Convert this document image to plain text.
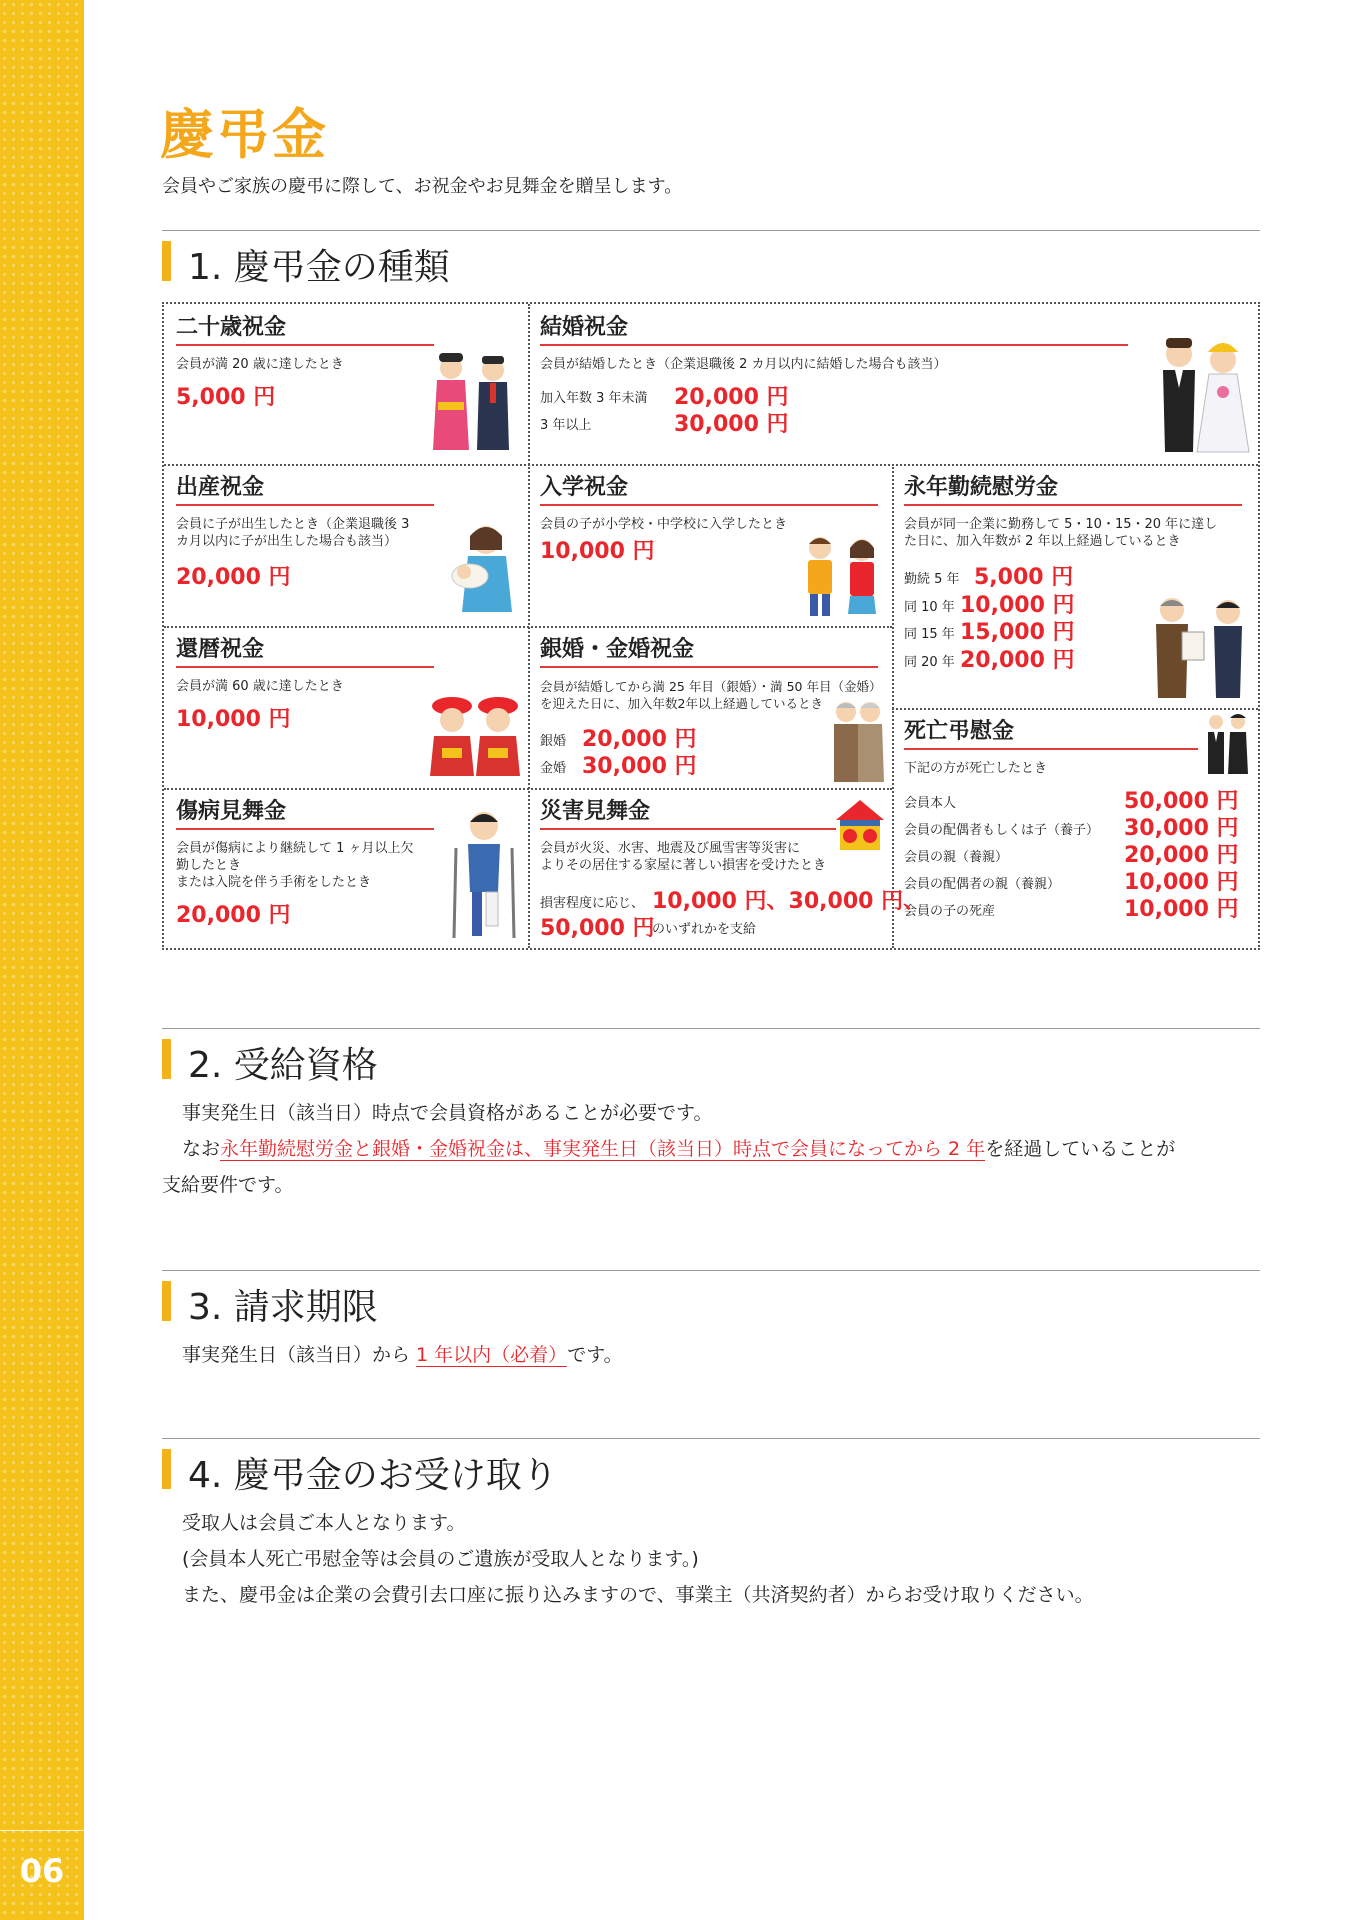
慶弔金
06
慶弔金
会員やご家族の慶弔に際して、お祝金やお見舞金を贈呈します。
1. 慶弔金の種類
二十歳祝金
会員が満 20 歳に達したとき
5,000 円
結婚祝金
会員が結婚したとき（企業退職後 2 カ月以内に結婚した場合も該当）
加入年数 3 年未満 20,000 円
3 年以上	30,000 円
出産祝金
会員に子が出生したとき（企業退職後 3
カ月以内に子が出生した場合も該当）
20,000 円
入学祝金
会員の子が小学校・中学校に入学したとき
10,000 円
永年勤続慰労金
会員が同一企業に勤務して 5・10・15・20 年に達し
た日に、加入年数が 2 年以上経過しているとき
勤続 5 年 5,000 円
同 10 年 10,000 円
同 15 年 15,000 円
同 20 年 20,000 円
還暦祝金
会員が満 60 歳に達したとき
10,000 円
銀婚・金婚祝金
会員が結婚してから満 25 年目（銀婚）・満 50 年目（金婚）
を迎えた日に、加入年数2年以上経過しているとき
銀婚 20,000 円
金婚 30,000 円
死亡弔慰金
下記の方が死亡したとき
会員本人	50,000 円
会員の配偶者もしくは子（養子） 30,000 円
会員の親（養親）	20,000 円
会員の配偶者の親（養親）	10,000 円
会員の子の死産	10,000 円
傷病見舞金
会員が傷病により継続して 1 ヶ月以上欠
勤したとき
または入院を伴う手術をしたとき
20,000 円
災害見舞金
会員が火災、水害、地震及び風雪害等災害に
よりその居住する家屋に著しい損害を受けたとき
損害程度に応じ、 10,000 円、30,000 円、
50,000 円
のいずれかを支給
2. 受給資格
事実発生日（該当日）時点で会員資格があることが必要です。
なお永年勤続慰労金と銀婚・金婚祝金は、事実発生日（該当日）時点で会員になってから 2 年を経過していることが
支給要件です。
3. 請求期限
事実発生日（該当日）から 1 年以内（必着）です。
4. 慶弔金のお受け取り
受取人は会員ご本人となります。
(会員本人死亡弔慰金等は会員のご遺族が受取人となります。)
また、慶弔金は企業の会費引去口座に振り込みますので、事業主（共済契約者）からお受け取りください。
